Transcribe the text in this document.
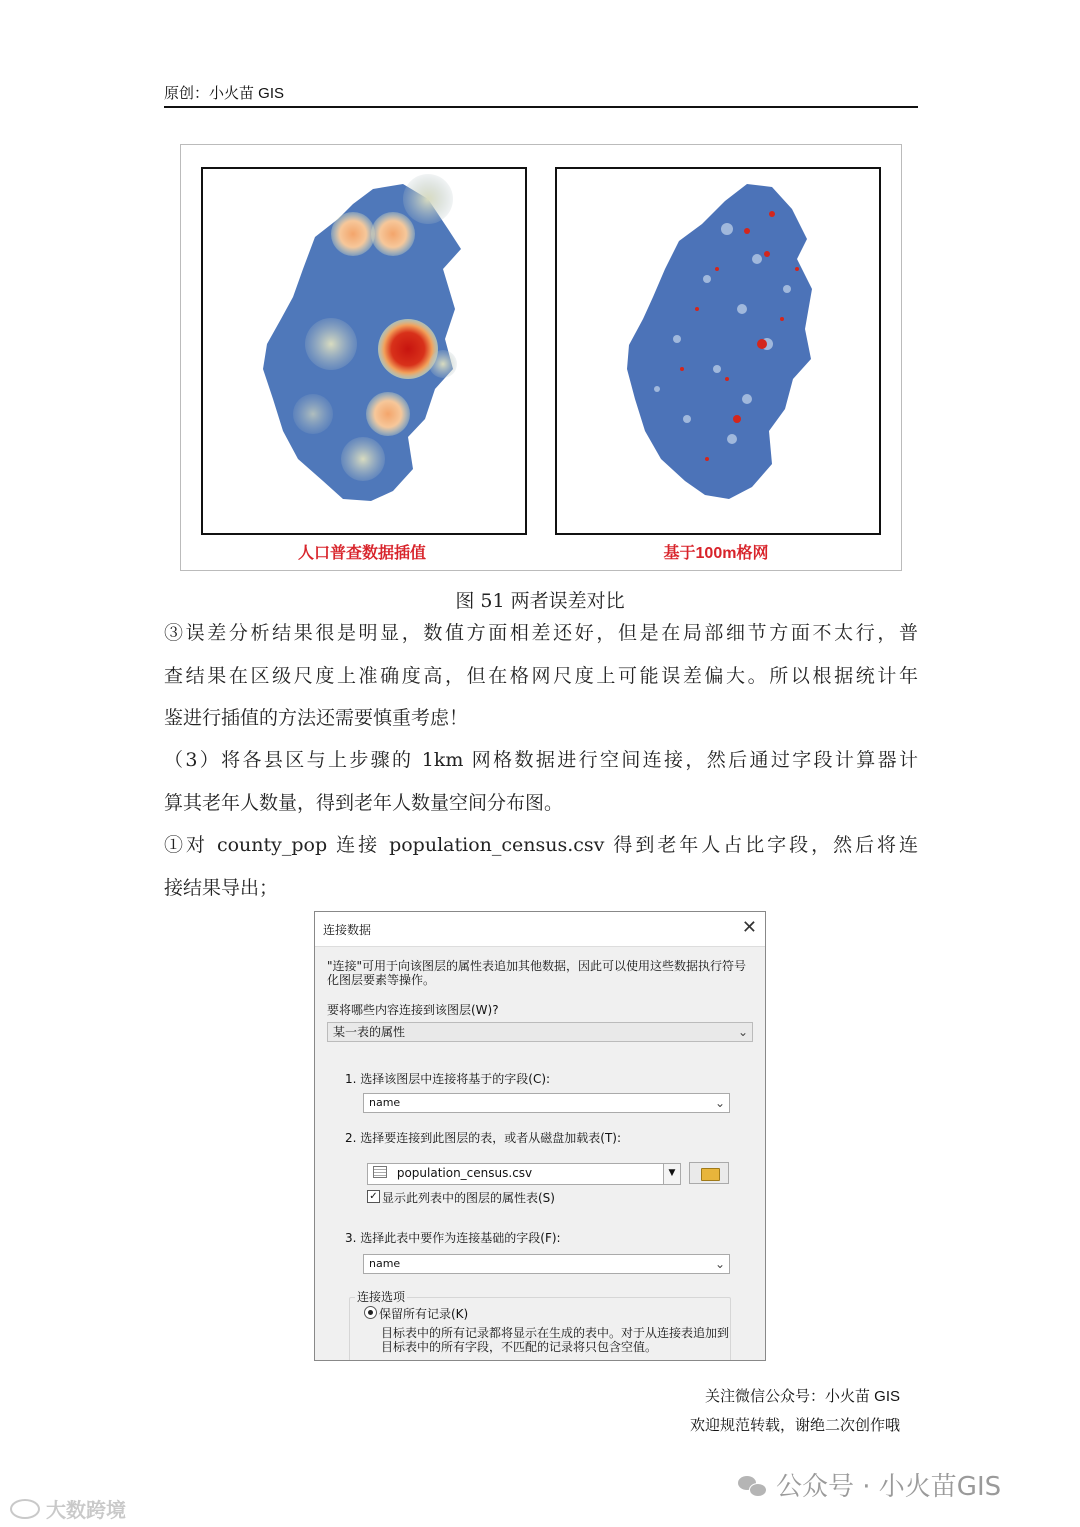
原创：小火苗 GIS
人口普查数据插值	基于100m格网
图 51 两者误差对比
③误差分析结果很是明显，数值方面相差还好，但是在局部细节方面不太行，普
查结果在区级尺度上准确度高，但在格网尺度上可能误差偏大。所以根据统计年
鉴进行插值的方法还需要慎重考虑！
（3）将各县区与上步骤的 1km 网格数据进行空间连接，然后通过字段计算器计
算其老年人数量，得到老年人数量空间分布图。
①对 county_pop 连接 population_census.csv 得到老年人占比字段，然后将连
接结果导出；
连接数据	✕
"连接"可用于向该图层的属性表追加其他数据，因此可以使用这些数据执行符号化图层要素等操作。
要将哪些内容连接到该图层(W)?
某一表的属性	⌄
1. 选择该图层中连接将基于的字段(C):
name	⌄
2. 选择要连接到此图层的表，或者从磁盘加载表(T):
population_census.csv	▼
✓ 显示此列表中的图层的属性表(S)
3. 选择此表中要作为连接基础的字段(F):
name	⌄
连接选项
保留所有记录(K)
目标表中的所有记录都将显示在生成的表中。对于从连接表追加到目标表中的所有字段，不匹配的记录将只包含空值。
关注微信公众号：小火苗 GIS
欢迎规范转载，谢绝二次创作哦
公众号 · 小火苗GIS
大数跨境
